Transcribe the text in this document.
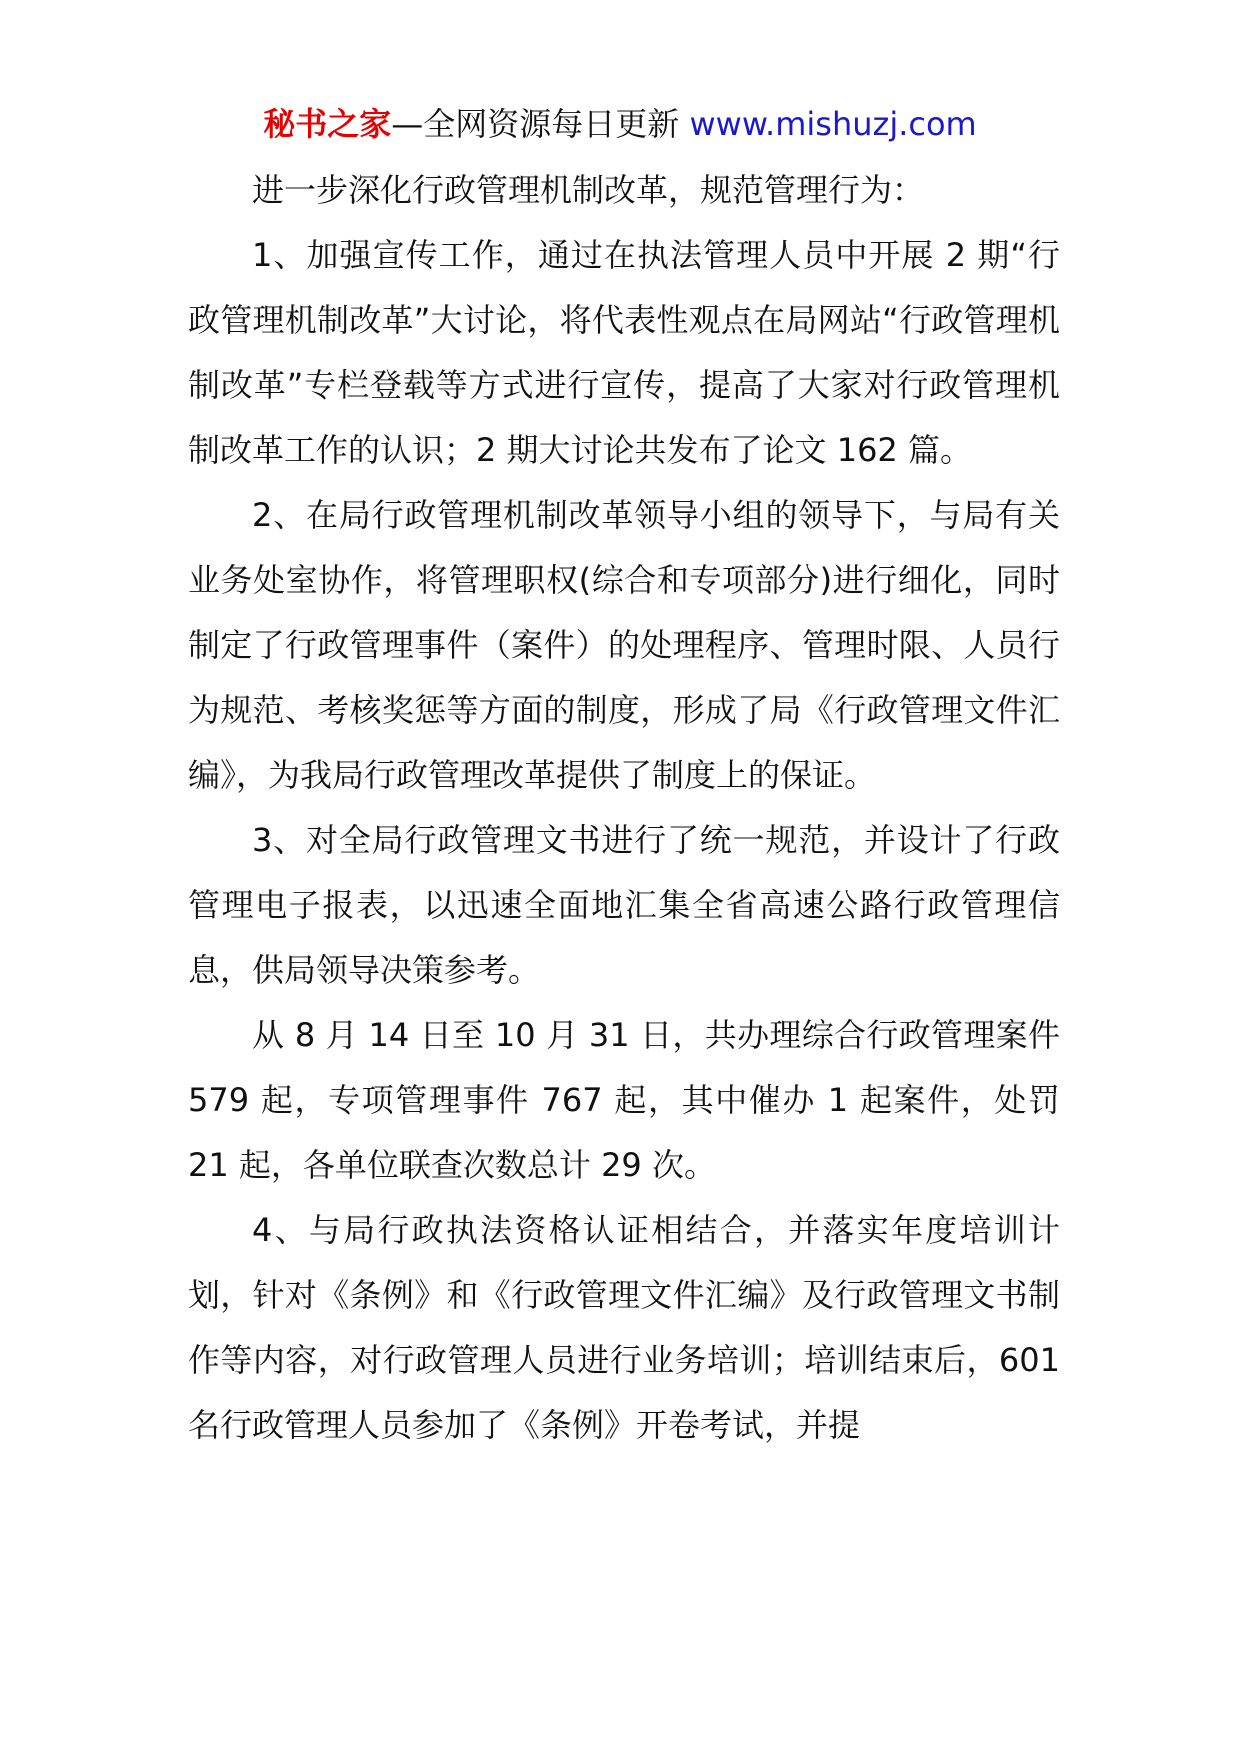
秘书之家—全网资源每日更新 www.mishuzj.com

进一步深化行政管理机制改革，规范管理行为：

1、加强宣传工作，通过在执法管理人员中开展 2 期“行政管理机制改革”大讨论，将代表性观点在局网站“行政管理机制改革”专栏登载等方式进行宣传，提高了大家对行政管理机制改革工作的认识；2 期大讨论共发布了论文 162 篇。

2、在局行政管理机制改革领导小组的领导下，与局有关业务处室协作，将管理职权(综合和专项部分)进行细化，同时制定了行政管理事件（案件）的处理程序、管理时限、人员行为规范、考核奖惩等方面的制度，形成了局《行政管理文件汇编》，为我局行政管理改革提供了制度上的保证。

3、对全局行政管理文书进行了统一规范，并设计了行政管理电子报表，以迅速全面地汇集全省高速公路行政管理信息，供局领导决策参考。

从 8 月 14 日至 10 月 31 日，共办理综合行政管理案件 579 起，专项管理事件 767 起，其中催办 1 起案件，处罚 21 起，各单位联查次数总计 29 次。

4、与局行政执法资格认证相结合，并落实年度培训计划，针对《条例》和《行政管理文件汇编》及行政管理文书制作等内容，对行政管理人员进行业务培训；培训结束后，601 名行政管理人员参加了《条例》开卷考试，并提
